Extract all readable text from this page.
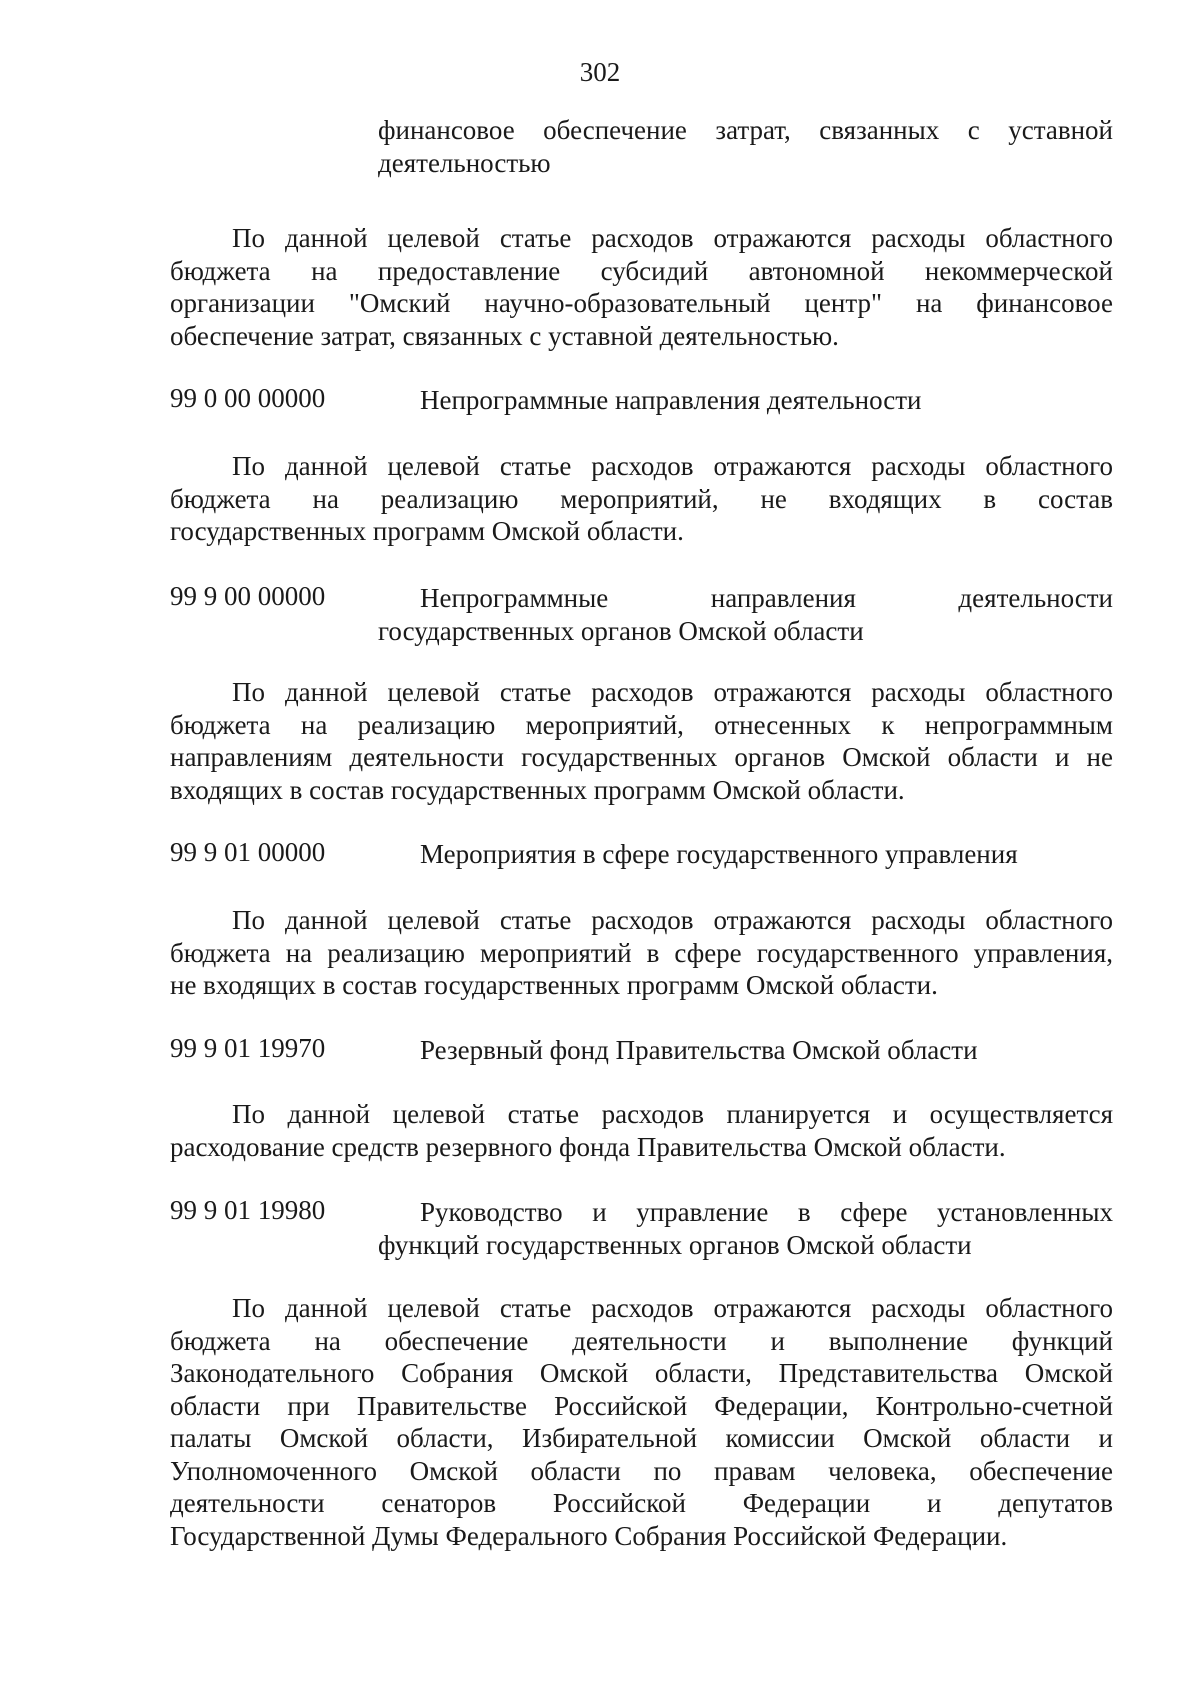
302
финансовое обеспечение затрат, связанных с уставной
деятельностью
По данной целевой статье расходов отражаются расходы областного
бюджета на предоставление субсидий автономной некоммерческой
организации "Омский научно-образовательный центр" на финансовое
обеспечение затрат, связанных с уставной деятельностью.
99 0 00 00000	Непрограммные направления деятельности
По данной целевой статье расходов отражаются расходы областного
бюджета на реализацию мероприятий, не входящих в состав
государственных программ Омской области.
99 9 00 00000	Непрограммные направления деятельности
государственных органов Омской области
По данной целевой статье расходов отражаются расходы областного
бюджета на реализацию мероприятий, отнесенных к непрограммным
направлениям деятельности государственных органов Омской области и не
входящих в состав государственных программ Омской области.
99 9 01 00000	Мероприятия в сфере государственного управления
По данной целевой статье расходов отражаются расходы областного
бюджета на реализацию мероприятий в сфере государственного управления,
не входящих в состав государственных программ Омской области.
99 9 01 19970	Резервный фонд Правительства Омской области
По данной целевой статье расходов планируется и осуществляется
расходование средств резервного фонда Правительства Омской области.
99 9 01 19980	Руководство и управление в сфере установленных
функций государственных органов Омской области
По данной целевой статье расходов отражаются расходы областного
бюджета на обеспечение деятельности и выполнение функций
Законодательного Собрания Омской области, Представительства Омской
области при Правительстве Российской Федерации, Контрольно-счетной
палаты Омской области, Избирательной комиссии Омской области и
Уполномоченного Омской области по правам человека, обеспечение
деятельности сенаторов Российской Федерации и депутатов
Государственной Думы Федерального Собрания Российской Федерации.
